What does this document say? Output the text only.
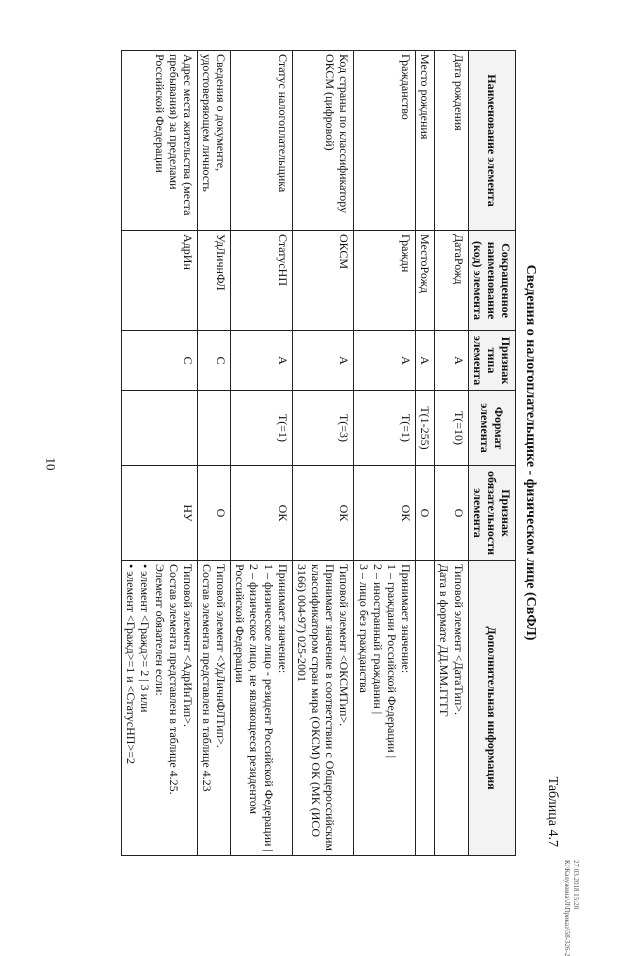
10
Таблица 4.7
Сведения о налогоплательщике - физическом лице (СвФЛ)
Наименование элемента	Сокращенное наименование (код) элемента	Признак типа элемента	Формат элемента	Признак обязательности элемента	Дополнительная информация
Дата рождения	ДатаРожд	А	T(=10)	О	Типовой элемент <ДатаТип>.
Дата в формате ДД.ММ.ГГГГ

Место рождения	МестоРожд	А	T(1-255)	О	
Гражданство	Граждн	А	T(=1)	ОК	Принимает значение:
1 – граждани Российской Федерации |
2 – иностранный гражданин |
3 – лицо без гражданства

Код страны по классификатору ОКСМ (цифровой)	ОКСМ	А	T(=3)	ОК	Типовой элемент <ОКСМТип>.
Принимает значение в соответствии с Общероссийским классификатором стран мира (ОКСМ) ОК (МК (ИСО 3166) 004-97) 025-2001

Статус налогоплательщика	СтатусНП	А	T(=1)	ОК	Принимает значение:
1 – физическое лицо - резидент Российской Федерации |
2 – физическое лицо, не являющееся резидентом Российской Федерации

Сведения о документе, удостоверяющем личность	УдЛичнФЛ	С		О	Типовой элемент <УдЛичнФЛТип>.
Состав элемента представлен в таблице 4.23

Адрес места жительства (места пребывания) за пределами Российской Федерации	АдрИн	С		НУ	Типовой элемент <АдрИнТип>.
Состав элемента представлен в таблице 4.25.
Элемент обязателен если:
• элемент <Гражд>= 2 | 3 или
• элемент <Гражд>=1 и <СтатусНП>=2
27.03.2018 15:20
К:\Калужина\Л\Приказ\58-326-2
